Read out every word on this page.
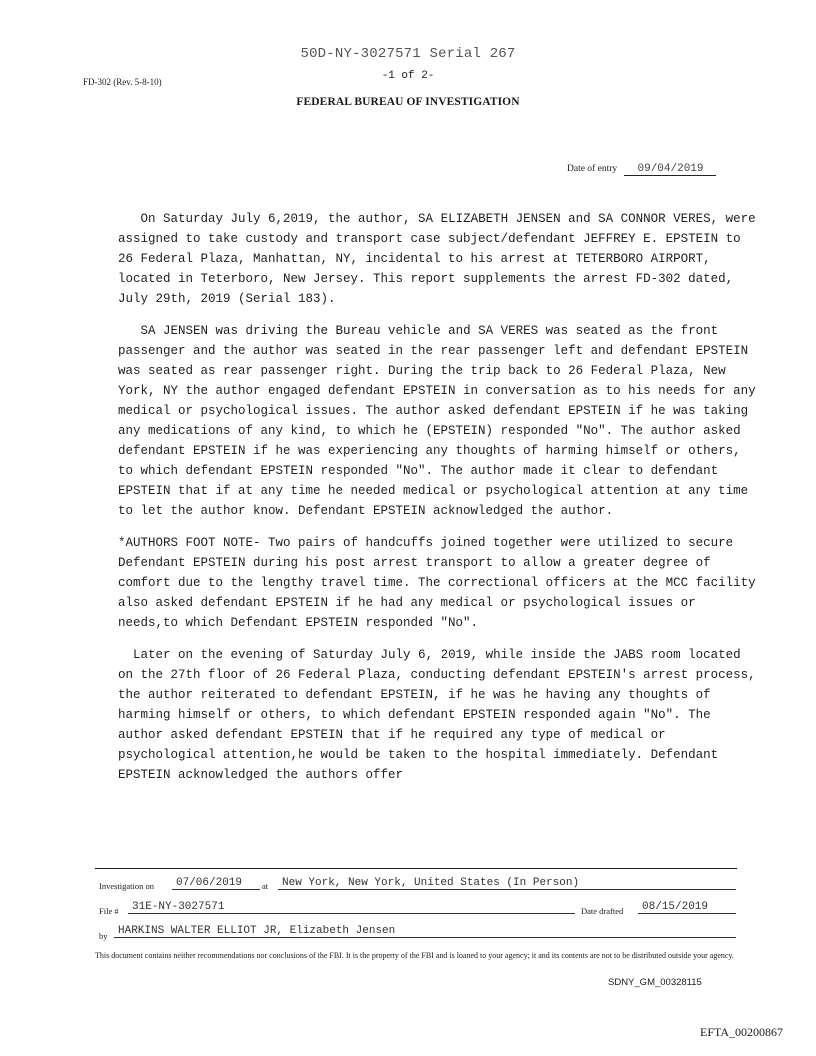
50D-NY-3027571 Serial 267
-1 of 2-
FD-302 (Rev. 5-8-10)
FEDERAL BUREAU OF INVESTIGATION
Date of entry 09/04/2019

On Saturday July 6,2019, the author, SA ELIZABETH JENSEN and SA CONNOR VERES, were assigned to take custody and transport case subject/defendant JEFFREY E. EPSTEIN to 26 Federal Plaza, Manhattan, NY, incidental to his arrest at TETERBORO AIRPORT, located in Teterboro, New Jersey. This report supplements the arrest FD-302 dated, July 29th, 2019 (Serial 183).

SA JENSEN was driving the Bureau vehicle and SA VERES was seated as the front passenger and the author was seated in the rear passenger left and defendant EPSTEIN was seated as rear passenger right. During the trip back to 26 Federal Plaza, New York, NY the author engaged defendant EPSTEIN in conversation as to his needs for any medical or psychological issues. The author asked defendant EPSTEIN if he was taking any medications of any kind, to which he (EPSTEIN) responded "No". The author asked defendant EPSTEIN if he was experiencing any thoughts of harming himself or others, to which defendant EPSTEIN responded "No". The author made it clear to defendant EPSTEIN that if at any time he needed medical or psychological attention at any time to let the author know. Defendant EPSTEIN acknowledged the author.

*AUTHORS FOOT NOTE- Two pairs of handcuffs joined together were utilized to secure Defendant EPSTEIN during his post arrest transport to allow a greater degree of comfort due to the lengthy travel time. The correctional officers at the MCC facility also asked defendant EPSTEIN if he had any medical or psychological issues or needs,to which Defendant EPSTEIN responded "No".

Later on the evening of Saturday July 6, 2019, while inside the JABS room located on the 27th floor of 26 Federal Plaza, conducting defendant EPSTEIN's arrest process, the author reiterated to defendant EPSTEIN, if he was he having any thoughts of harming himself or others, to which defendant EPSTEIN responded again "No". The author asked defendant EPSTEIN that if he required any type of medical or psychological attention,he would be taken to the hospital immediately. Defendant EPSTEIN acknowledged the authors offer

Investigation on	07/06/2019	at	New York, New York, United States (In Person)
File #	31E-NY-3027571	Date drafted	08/15/2019
by HARKINS WALTER ELLIOT JR, Elizabeth Jensen
This document contains neither recommendations nor conclusions of the FBI. It is the property of the FBI and is loaned to your agency; it and its contents are not to be distributed outside your agency.
SDNY_GM_00328115
EFTA_00200867
